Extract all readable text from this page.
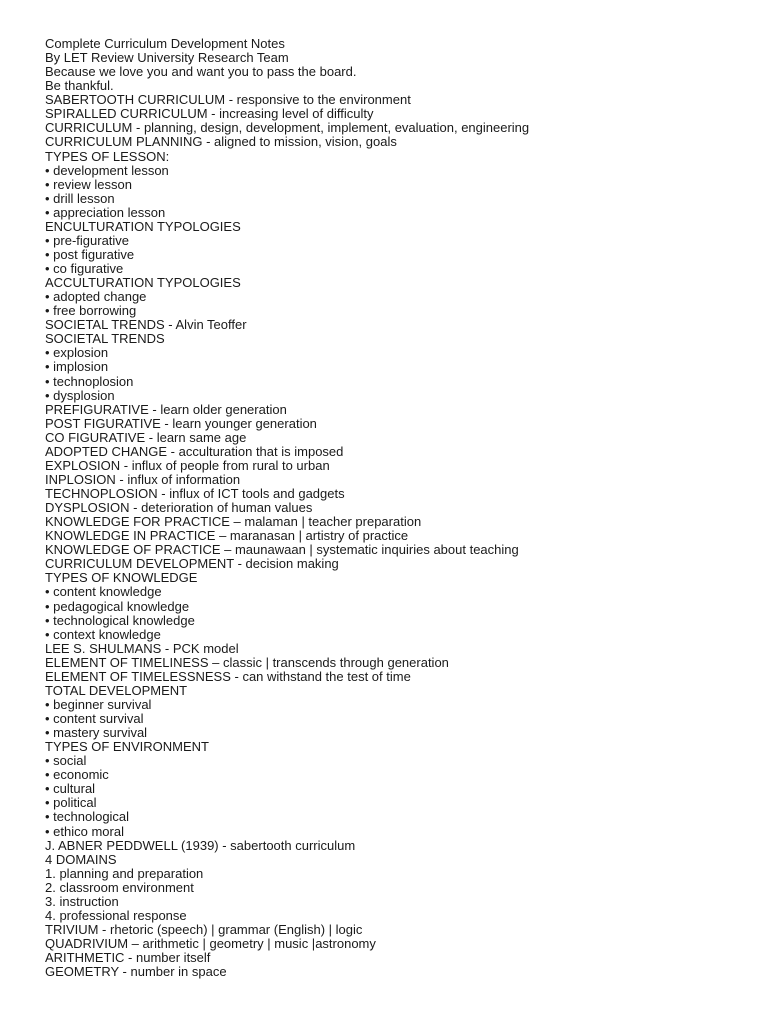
Complete Curriculum Development Notes
By LET Review University Research Team
Because we love you and want you to pass the board.
Be thankful.
SABERTOOTH CURRICULUM - responsive to the environment
SPIRALLED CURRICULUM - increasing level of difficulty
CURRICULUM - planning, design, development, implement, evaluation, engineering
CURRICULUM PLANNING - aligned to mission, vision, goals
TYPES OF LESSON:
• development lesson
• review lesson
• drill lesson
• appreciation lesson
ENCULTURATION TYPOLOGIES
• pre-figurative
• post figurative
• co figurative
ACCULTURATION TYPOLOGIES
• adopted change
• free borrowing
SOCIETAL TRENDS - Alvin Teoffer
SOCIETAL TRENDS
• explosion
• implosion
• technoplosion
• dysplosion
PREFIGURATIVE - learn older generation
POST FIGURATIVE - learn younger generation
CO FIGURATIVE - learn same age
ADOPTED CHANGE - acculturation that is imposed
EXPLOSION - influx of people from rural to urban
INPLOSION - influx of information
TECHNOPLOSION - influx of ICT tools and gadgets
DYSPLOSION - deterioration of human values
KNOWLEDGE FOR PRACTICE – malaman | teacher preparation
KNOWLEDGE IN PRACTICE – maranasan | artistry of practice
KNOWLEDGE OF PRACTICE – maunawaan | systematic inquiries about teaching
CURRICULUM DEVELOPMENT - decision making
TYPES OF KNOWLEDGE
• content knowledge
• pedagogical knowledge
• technological knowledge
• context knowledge
LEE S. SHULMANS - PCK model
ELEMENT OF TIMELINESS – classic | transcends through generation
ELEMENT OF TIMELESSNESS - can withstand the test of time
TOTAL DEVELOPMENT
• beginner survival
• content survival
• mastery survival
TYPES OF ENVIRONMENT
• social
• economic
• cultural
• political
• technological
• ethico moral
J. ABNER PEDDWELL (1939) - sabertooth curriculum
4 DOMAINS
1. planning and preparation
2. classroom environment
3. instruction
4. professional response
TRIVIUM - rhetoric (speech) | grammar (English) | logic
QUADRIVIUM – arithmetic | geometry | music |astronomy
ARITHMETIC - number itself
GEOMETRY - number in space
